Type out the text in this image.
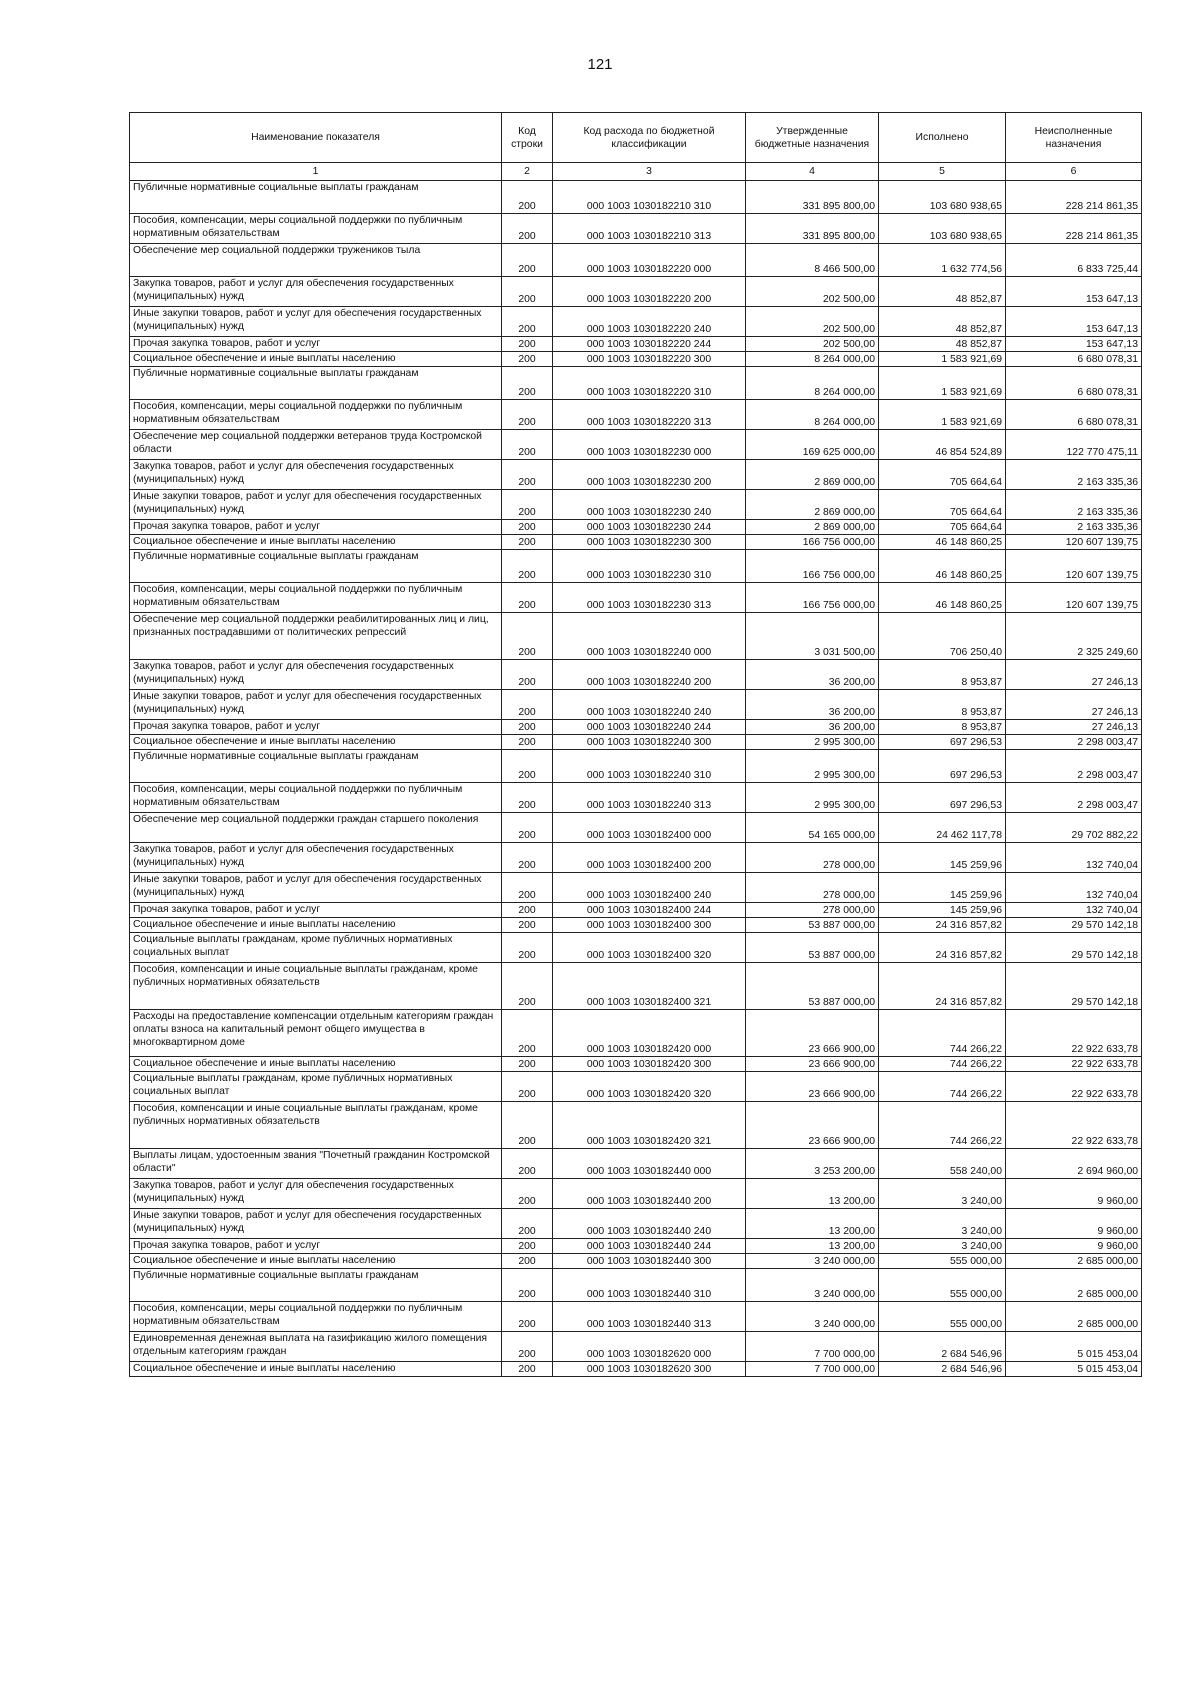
121
Наименование показателя	Код строки	Код расхода по бюджетной классификации	Утвержденные бюджетные назначения	Исполнено	Неисполненные назначения
1	2	3	4	5	6
Публичные нормативные социальные выплаты гражданам	200	000 1003 1030182210 310	331 895 800,00	103 680 938,65	228 214 861,35
Пособия, компенсации, меры социальной поддержки по публичным нормативным обязательствам	200	000 1003 1030182210 313	331 895 800,00	103 680 938,65	228 214 861,35
Обеспечение мер социальной поддержки тружеников тыла	200	000 1003 1030182220 000	8 466 500,00	1 632 774,56	6 833 725,44
Закупка товаров, работ и услуг для обеспечения государственных (муниципальных) нужд	200	000 1003 1030182220 200	202 500,00	48 852,87	153 647,13
Иные закупки товаров, работ и услуг для обеспечения государственных (муниципальных) нужд	200	000 1003 1030182220 240	202 500,00	48 852,87	153 647,13
Прочая закупка товаров, работ и услуг	200	000 1003 1030182220 244	202 500,00	48 852,87	153 647,13
Социальное обеспечение и иные выплаты населению	200	000 1003 1030182220 300	8 264 000,00	1 583 921,69	6 680 078,31
Публичные нормативные социальные выплаты гражданам	200	000 1003 1030182220 310	8 264 000,00	1 583 921,69	6 680 078,31
Пособия, компенсации, меры социальной поддержки по публичным нормативным обязательствам	200	000 1003 1030182220 313	8 264 000,00	1 583 921,69	6 680 078,31
Обеспечение мер социальной поддержки ветеранов труда Костромской области	200	000 1003 1030182230 000	169 625 000,00	46 854 524,89	122 770 475,11
Закупка товаров, работ и услуг для обеспечения государственных (муниципальных) нужд	200	000 1003 1030182230 200	2 869 000,00	705 664,64	2 163 335,36
Иные закупки товаров, работ и услуг для обеспечения государственных (муниципальных) нужд	200	000 1003 1030182230 240	2 869 000,00	705 664,64	2 163 335,36
Прочая закупка товаров, работ и услуг	200	000 1003 1030182230 244	2 869 000,00	705 664,64	2 163 335,36
Социальное обеспечение и иные выплаты населению	200	000 1003 1030182230 300	166 756 000,00	46 148 860,25	120 607 139,75
Публичные нормативные социальные выплаты гражданам	200	000 1003 1030182230 310	166 756 000,00	46 148 860,25	120 607 139,75
Пособия, компенсации, меры социальной поддержки по публичным нормативным обязательствам	200	000 1003 1030182230 313	166 756 000,00	46 148 860,25	120 607 139,75
Обеспечение мер социальной поддержки реабилитированных лиц и лиц, признанных пострадавшими от политических репрессий	200	000 1003 1030182240 000	3 031 500,00	706 250,40	2 325 249,60
Закупка товаров, работ и услуг для обеспечения государственных (муниципальных) нужд	200	000 1003 1030182240 200	36 200,00	8 953,87	27 246,13
Иные закупки товаров, работ и услуг для обеспечения государственных (муниципальных) нужд	200	000 1003 1030182240 240	36 200,00	8 953,87	27 246,13
Прочая закупка товаров, работ и услуг	200	000 1003 1030182240 244	36 200,00	8 953,87	27 246,13
Социальное обеспечение и иные выплаты населению	200	000 1003 1030182240 300	2 995 300,00	697 296,53	2 298 003,47
Публичные нормативные социальные выплаты гражданам	200	000 1003 1030182240 310	2 995 300,00	697 296,53	2 298 003,47
Пособия, компенсации, меры социальной поддержки по публичным нормативным обязательствам	200	000 1003 1030182240 313	2 995 300,00	697 296,53	2 298 003,47
Обеспечение мер социальной поддержки граждан старшего поколения	200	000 1003 1030182400 000	54 165 000,00	24 462 117,78	29 702 882,22
Закупка товаров, работ и услуг для обеспечения государственных (муниципальных) нужд	200	000 1003 1030182400 200	278 000,00	145 259,96	132 740,04
Иные закупки товаров, работ и услуг для обеспечения государственных (муниципальных) нужд	200	000 1003 1030182400 240	278 000,00	145 259,96	132 740,04
Прочая закупка товаров, работ и услуг	200	000 1003 1030182400 244	278 000,00	145 259,96	132 740,04
Социальное обеспечение и иные выплаты населению	200	000 1003 1030182400 300	53 887 000,00	24 316 857,82	29 570 142,18
Социальные выплаты гражданам, кроме публичных нормативных социальных выплат	200	000 1003 1030182400 320	53 887 000,00	24 316 857,82	29 570 142,18
Пособия, компенсации и иные социальные выплаты гражданам, кроме публичных нормативных обязательств	200	000 1003 1030182400 321	53 887 000,00	24 316 857,82	29 570 142,18
Расходы на предоставление компенсации отдельным категориям граждан оплаты взноса на капитальный ремонт общего имущества в многоквартирном доме	200	000 1003 1030182420 000	23 666 900,00	744 266,22	22 922 633,78
Социальное обеспечение и иные выплаты населению	200	000 1003 1030182420 300	23 666 900,00	744 266,22	22 922 633,78
Социальные выплаты гражданам, кроме публичных нормативных социальных выплат	200	000 1003 1030182420 320	23 666 900,00	744 266,22	22 922 633,78
Пособия, компенсации и иные социальные выплаты гражданам, кроме публичных нормативных обязательств	200	000 1003 1030182420 321	23 666 900,00	744 266,22	22 922 633,78
Выплаты лицам, удостоенным звания "Почетный гражданин Костромской области"	200	000 1003 1030182440 000	3 253 200,00	558 240,00	2 694 960,00
Закупка товаров, работ и услуг для обеспечения государственных (муниципальных) нужд	200	000 1003 1030182440 200	13 200,00	3 240,00	9 960,00
Иные закупки товаров, работ и услуг для обеспечения государственных (муниципальных) нужд	200	000 1003 1030182440 240	13 200,00	3 240,00	9 960,00
Прочая закупка товаров, работ и услуг	200	000 1003 1030182440 244	13 200,00	3 240,00	9 960,00
Социальное обеспечение и иные выплаты населению	200	000 1003 1030182440 300	3 240 000,00	555 000,00	2 685 000,00
Публичные нормативные социальные выплаты гражданам	200	000 1003 1030182440 310	3 240 000,00	555 000,00	2 685 000,00
Пособия, компенсации, меры социальной поддержки по публичным нормативным обязательствам	200	000 1003 1030182440 313	3 240 000,00	555 000,00	2 685 000,00
Единовременная денежная выплата на газификацию жилого помещения отдельным категориям граждан	200	000 1003 1030182620 000	7 700 000,00	2 684 546,96	5 015 453,04
Социальное обеспечение и иные выплаты населению	200	000 1003 1030182620 300	7 700 000,00	2 684 546,96	5 015 453,04
